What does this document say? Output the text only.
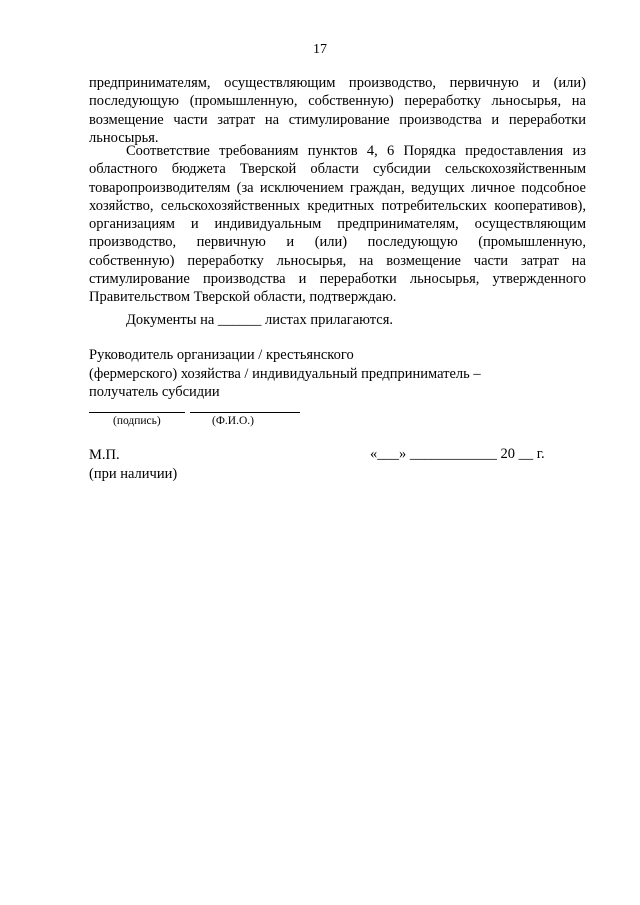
17
предпринимателям, осуществляющим производство, первичную и (или) последующую (промышленную, собственную) переработку льносырья, на возмещение части затрат на стимулирование производства и переработки льносырья.
Соответствие требованиям пунктов 4, 6 Порядка предоставления из областного бюджета Тверской области субсидии сельскохозяйственным товаропроизводителям (за исключением граждан, ведущих личное подсобное хозяйство, сельскохозяйственных кредитных потребительских кооперативов), организациям и индивидуальным предпринимателям, осуществляющим производство, первичную и (или) последующую (промышленную, собственную) переработку льносырья, на возмещение части затрат на стимулирование производства и переработки льносырья, утвержденного Правительством Тверской области, подтверждаю.
Документы на ______ листах прилагаются.
Руководитель организации / крестьянского
(фермерского) хозяйства / индивидуальный предприниматель –
получатель субсидии
(подпись)	(Ф.И.О.)
М.П.
(при наличии)
«___» ____________ 20 __ г.
